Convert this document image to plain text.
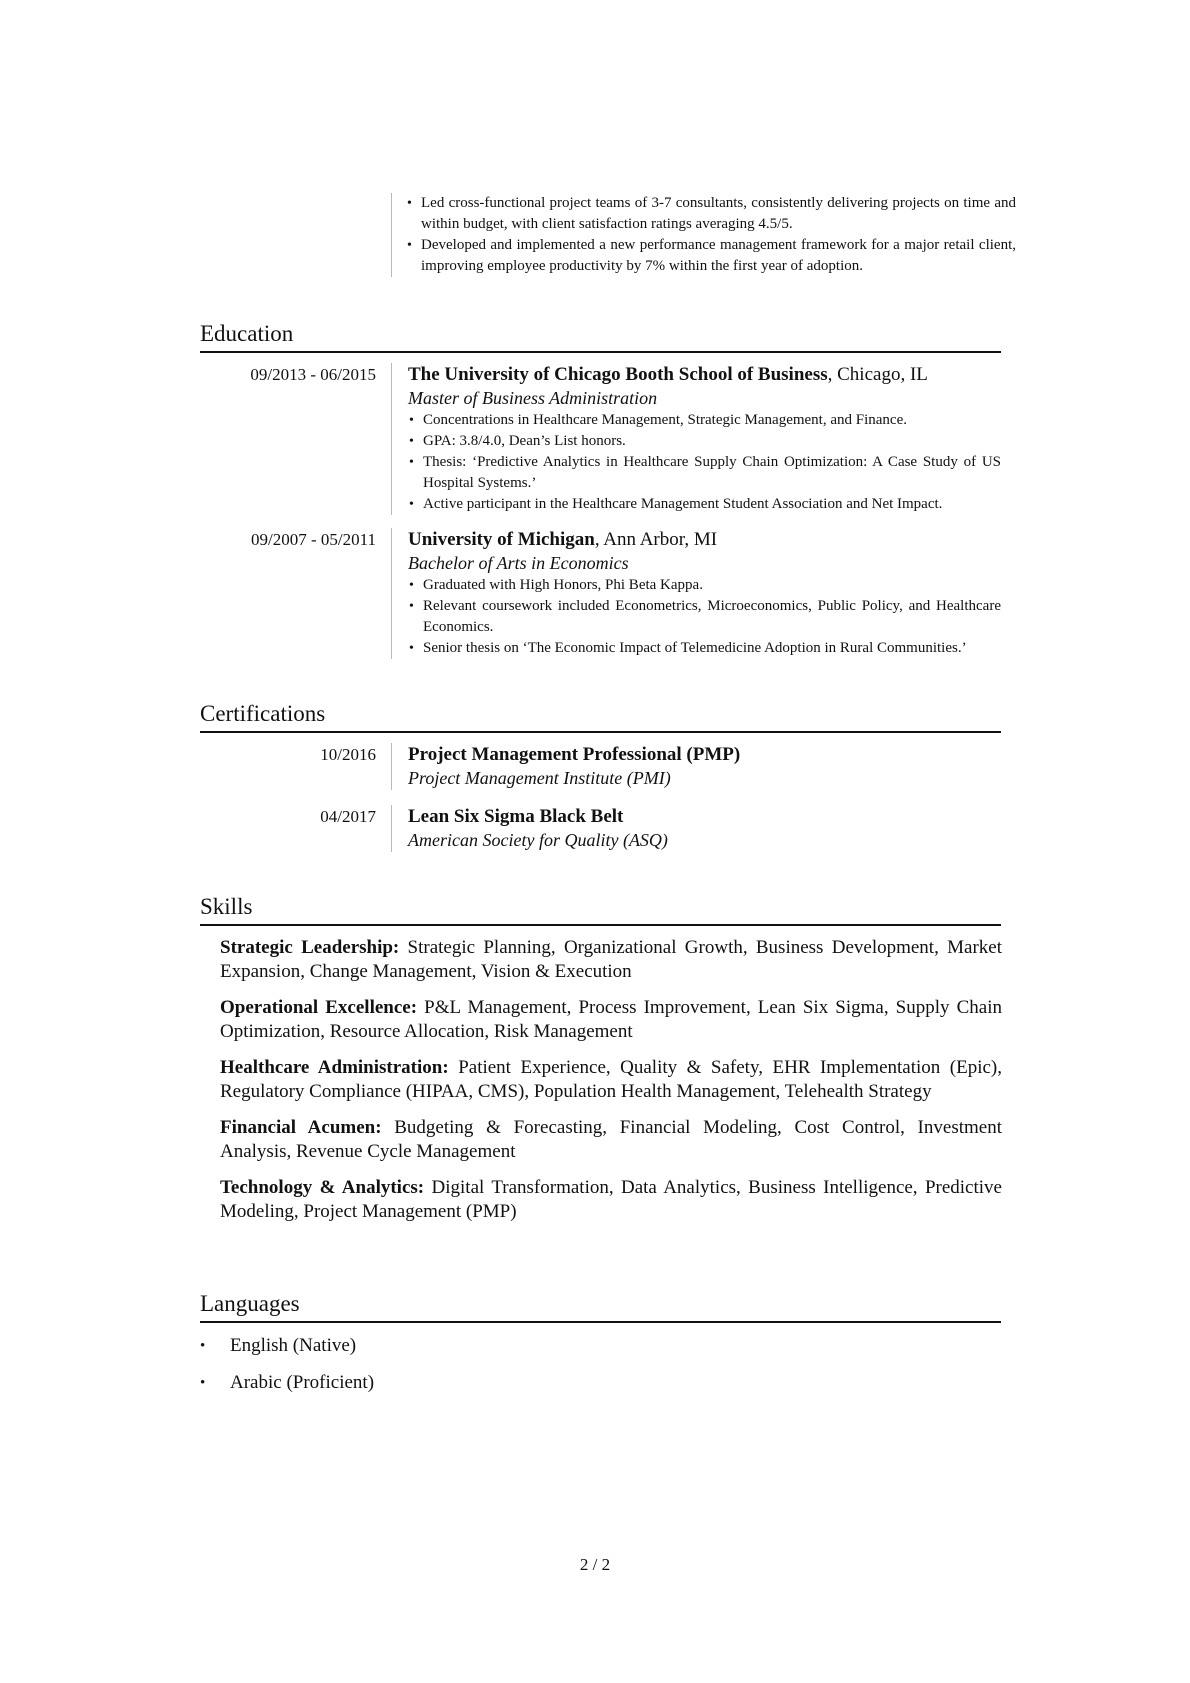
• Led cross-functional project teams of 3-7 consultants, consistently delivering projects on time and within budget, with client satisfaction ratings averaging 4.5/5.
• Developed and implemented a new performance management framework for a major retail client, improving employee productivity by 7% within the first year of adoption.
Education
09/2013 - 06/2015 The University of Chicago Booth School of Business, Chicago, IL
Master of Business Administration
• Concentrations in Healthcare Management, Strategic Management, and Finance.
• GPA: 3.8/4.0, Dean’s List honors.
• Thesis: ‘Predictive Analytics in Healthcare Supply Chain Optimization: A Case Study of US Hospital Systems.’
• Active participant in the Healthcare Management Student Association and Net Impact.
09/2007 - 05/2011 University of Michigan, Ann Arbor, MI
Bachelor of Arts in Economics
• Graduated with High Honors, Phi Beta Kappa.
• Relevant coursework included Econometrics, Microeconomics, Public Policy, and Healthcare Economics.
• Senior thesis on ‘The Economic Impact of Telemedicine Adoption in Rural Communities.’
Certifications
10/2016 Project Management Professional (PMP)
Project Management Institute (PMI)
04/2017 Lean Six Sigma Black Belt
American Society for Quality (ASQ)
Skills
Strategic Leadership: Strategic Planning, Organizational Growth, Business Development, Market Expansion, Change Management, Vision & Execution
Operational Excellence: P&L Management, Process Improvement, Lean Six Sigma, Supply Chain Optimization, Resource Allocation, Risk Management
Healthcare Administration: Patient Experience, Quality & Safety, EHR Implementation (Epic), Regulatory Compliance (HIPAA, CMS), Population Health Management, Telehealth Strategy
Financial Acumen: Budgeting & Forecasting, Financial Modeling, Cost Control, Investment Analysis, Revenue Cycle Management
Technology & Analytics: Digital Transformation, Data Analytics, Business Intelligence, Predictive Modeling, Project Management (PMP)
Languages
• English (Native)
• Arabic (Proficient)
2 / 2
